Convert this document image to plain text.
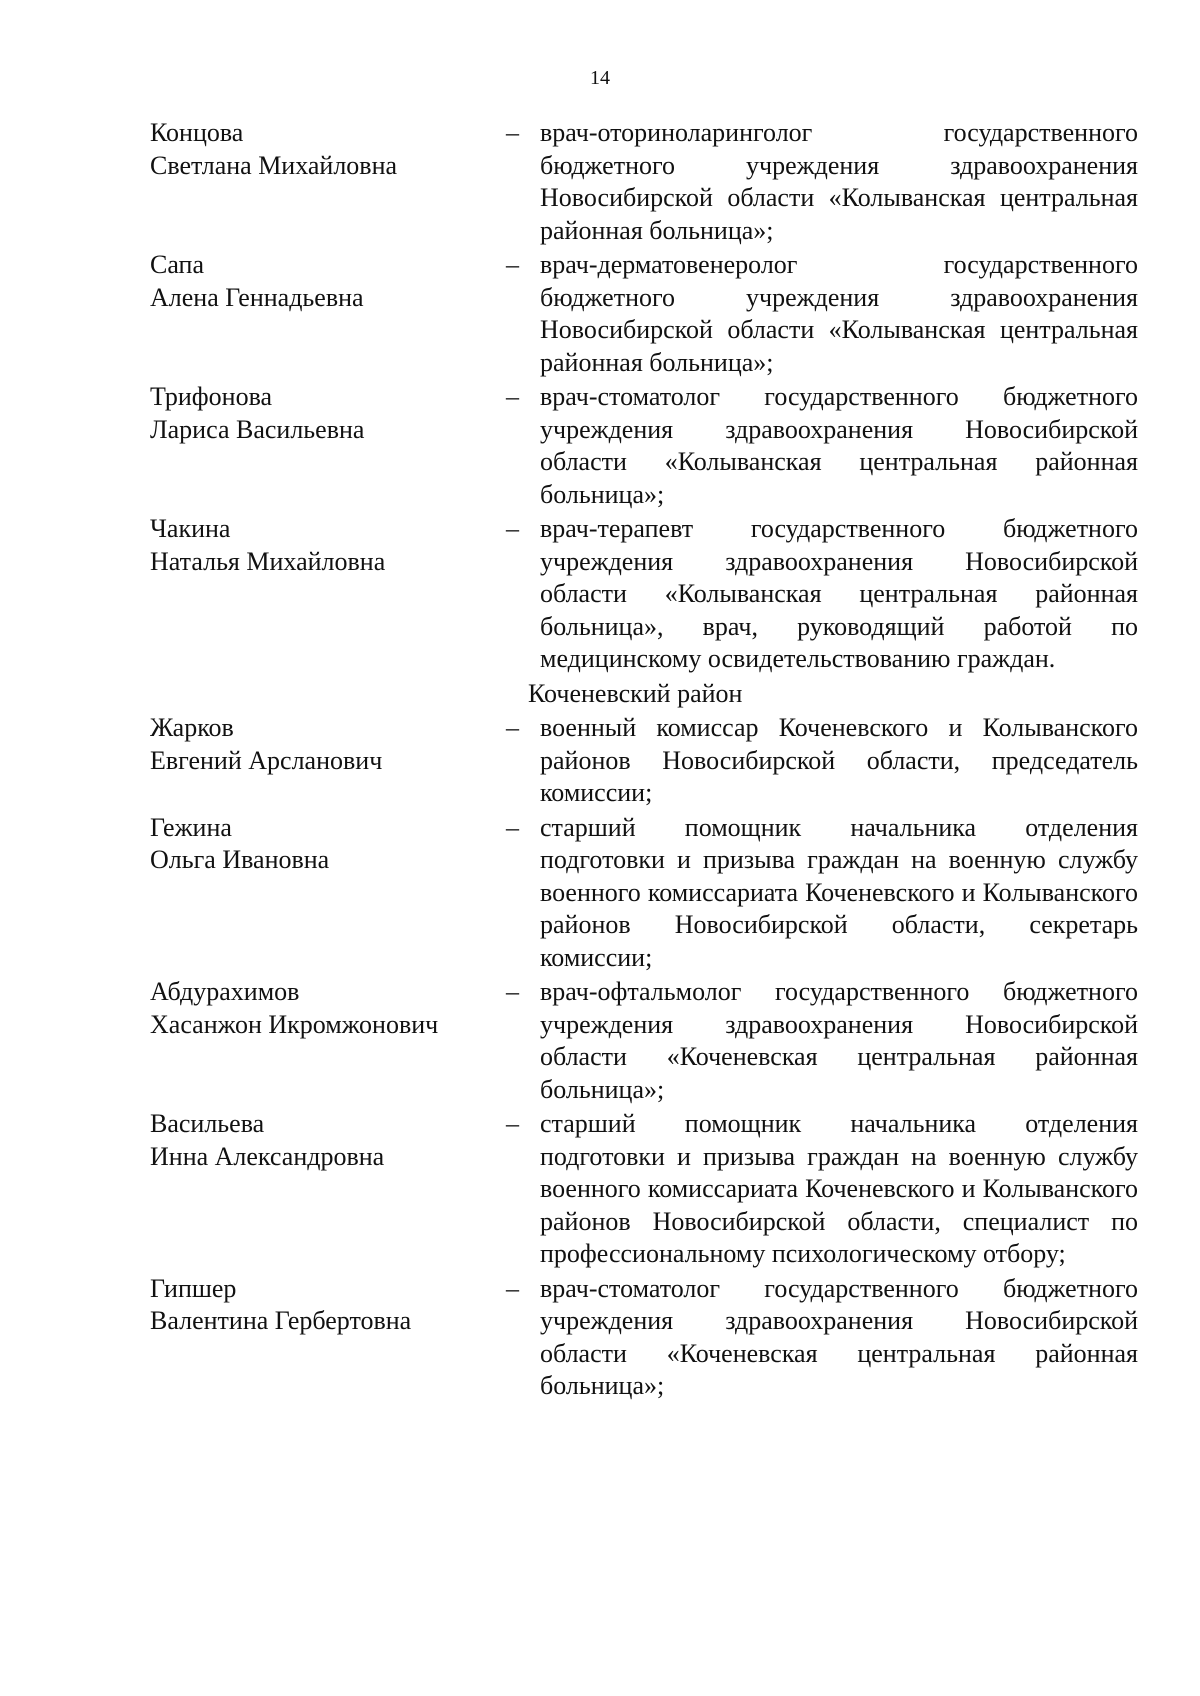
14
Концова
Светлана Михайловна
– врач-оториноларинголог государственного бюджетного учреждения здравоохранения Новосибирской области «Колыванская центральная районная больница»;
Сапа
Алена Геннадьевна
– врач-дерматовенеролог государственного бюджетного учреждения здравоохранения Новосибирской области «Колыванская центральная районная больница»;
Трифонова
Лариса Васильевна
– врач-стоматолог государственного бюджетного учреждения здравоохранения Новосибирской области «Колыванская центральная районная больница»;
Чакина
Наталья Михайловна
– врач-терапевт государственного бюджетного учреждения здравоохранения Новосибирской области «Колыванская центральная районная больница», врач, руководящий работой по медицинскому освидетельствованию граждан.
Коченевский район
Жарков
Евгений Арсланович
– военный комиссар Коченевского и Колыванского районов Новосибирской области, председатель комиссии;
Гежина
Ольга Ивановна
– старший помощник начальника отделения подготовки и призыва граждан на военную службу военного комиссариата Коченевского и Колыванского районов Новосибирской области, секретарь комиссии;
Абдурахимов
Хасанжон Икромжонович
– врач-офтальмолог государственного бюджетного учреждения здравоохранения Новосибирской области «Коченевская центральная районная больница»;
Васильева
Инна Александровна
– старший помощник начальника отделения подготовки и призыва граждан на военную службу военного комиссариата Коченевского и Колыванского районов Новосибирской области, специалист по профессиональному психологическому отбору;
Гипшер
Валентина Гербертовна
– врач-стоматолог государственного бюджетного учреждения здравоохранения Новосибирской области «Коченевская центральная районная больница»;
